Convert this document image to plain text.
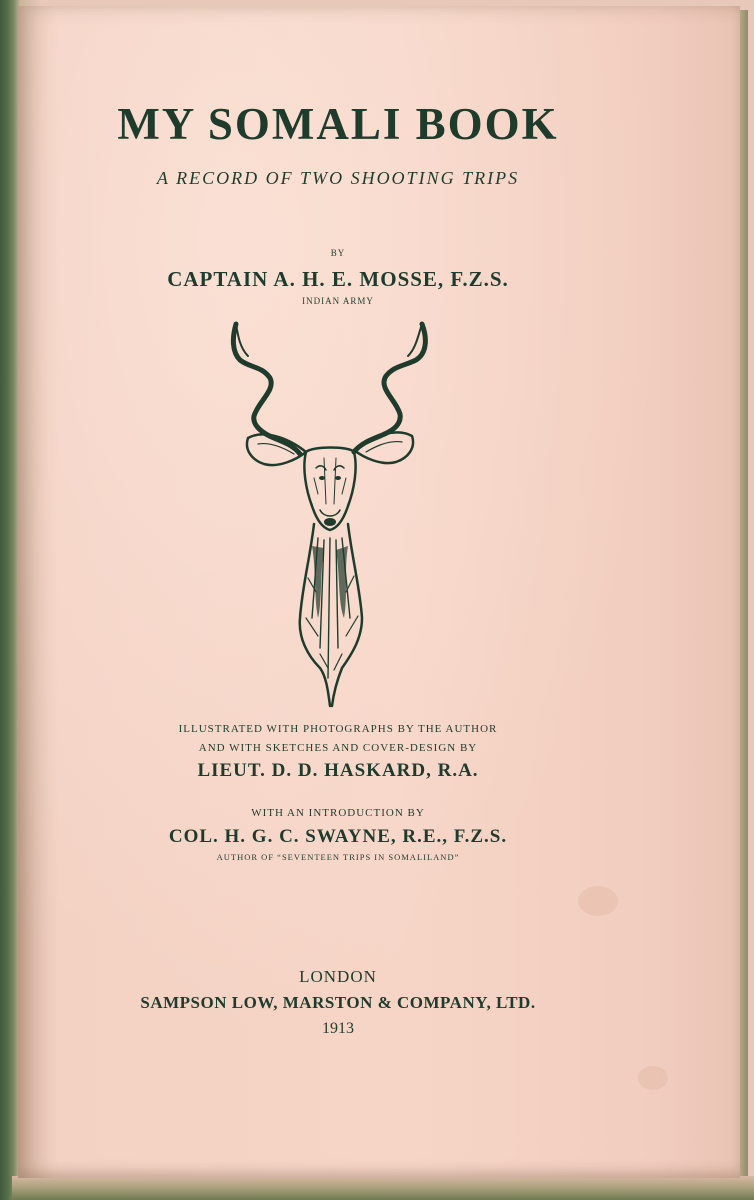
MY SOMALI BOOK
A RECORD OF TWO SHOOTING TRIPS
BY
CAPTAIN A. H. E. MOSSE, F.Z.S.
INDIAN ARMY
ILLUSTRATED WITH PHOTOGRAPHS BY THE AUTHOR
AND WITH SKETCHES AND COVER-DESIGN BY
LIEUT. D. D. HASKARD, R.A.
WITH AN INTRODUCTION BY
COL. H. G. C. SWAYNE, R.E., F.Z.S.
AUTHOR OF “SEVENTEEN TRIPS IN SOMALILAND”
LONDON
SAMPSON LOW, MARSTON & COMPANY, LTD.
1913
